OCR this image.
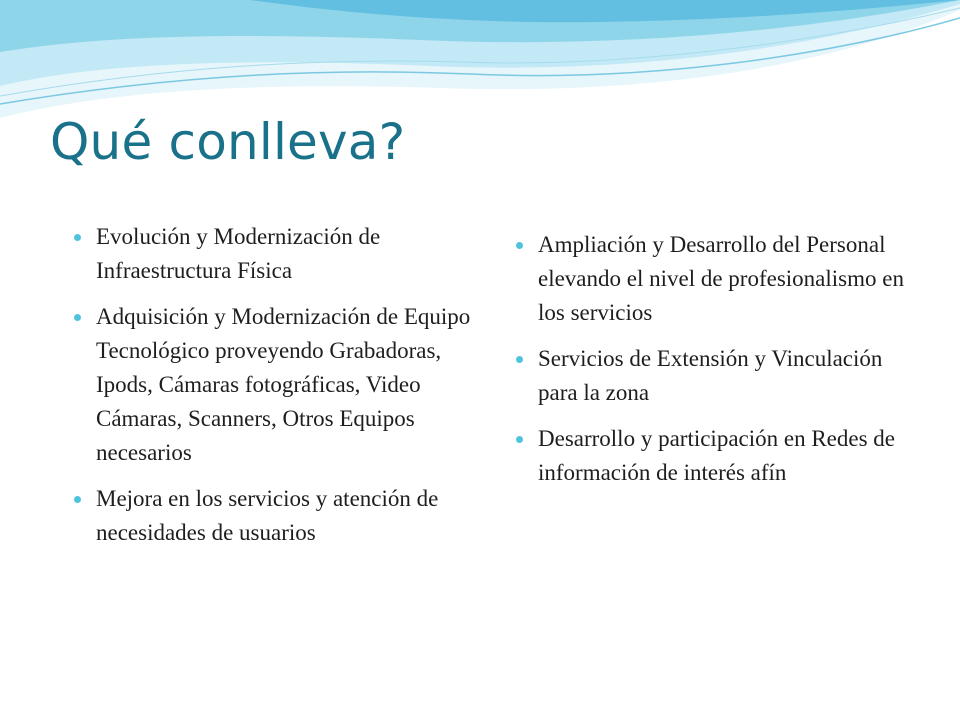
Qué conlleva?
Evolución y Modernización de Infraestructura Física
Adquisición y Modernización de Equipo Tecnológico proveyendo Grabadoras, Ipods, Cámaras fotográficas, Video Cámaras, Scanners, Otros Equipos necesarios
Mejora en los servicios y atención de necesidades de usuarios
Ampliación y Desarrollo del Personal elevando el nivel de profesionalismo en los servicios
Servicios de Extensión y Vinculación para la zona
Desarrollo y participación en Redes de información de interés afín
